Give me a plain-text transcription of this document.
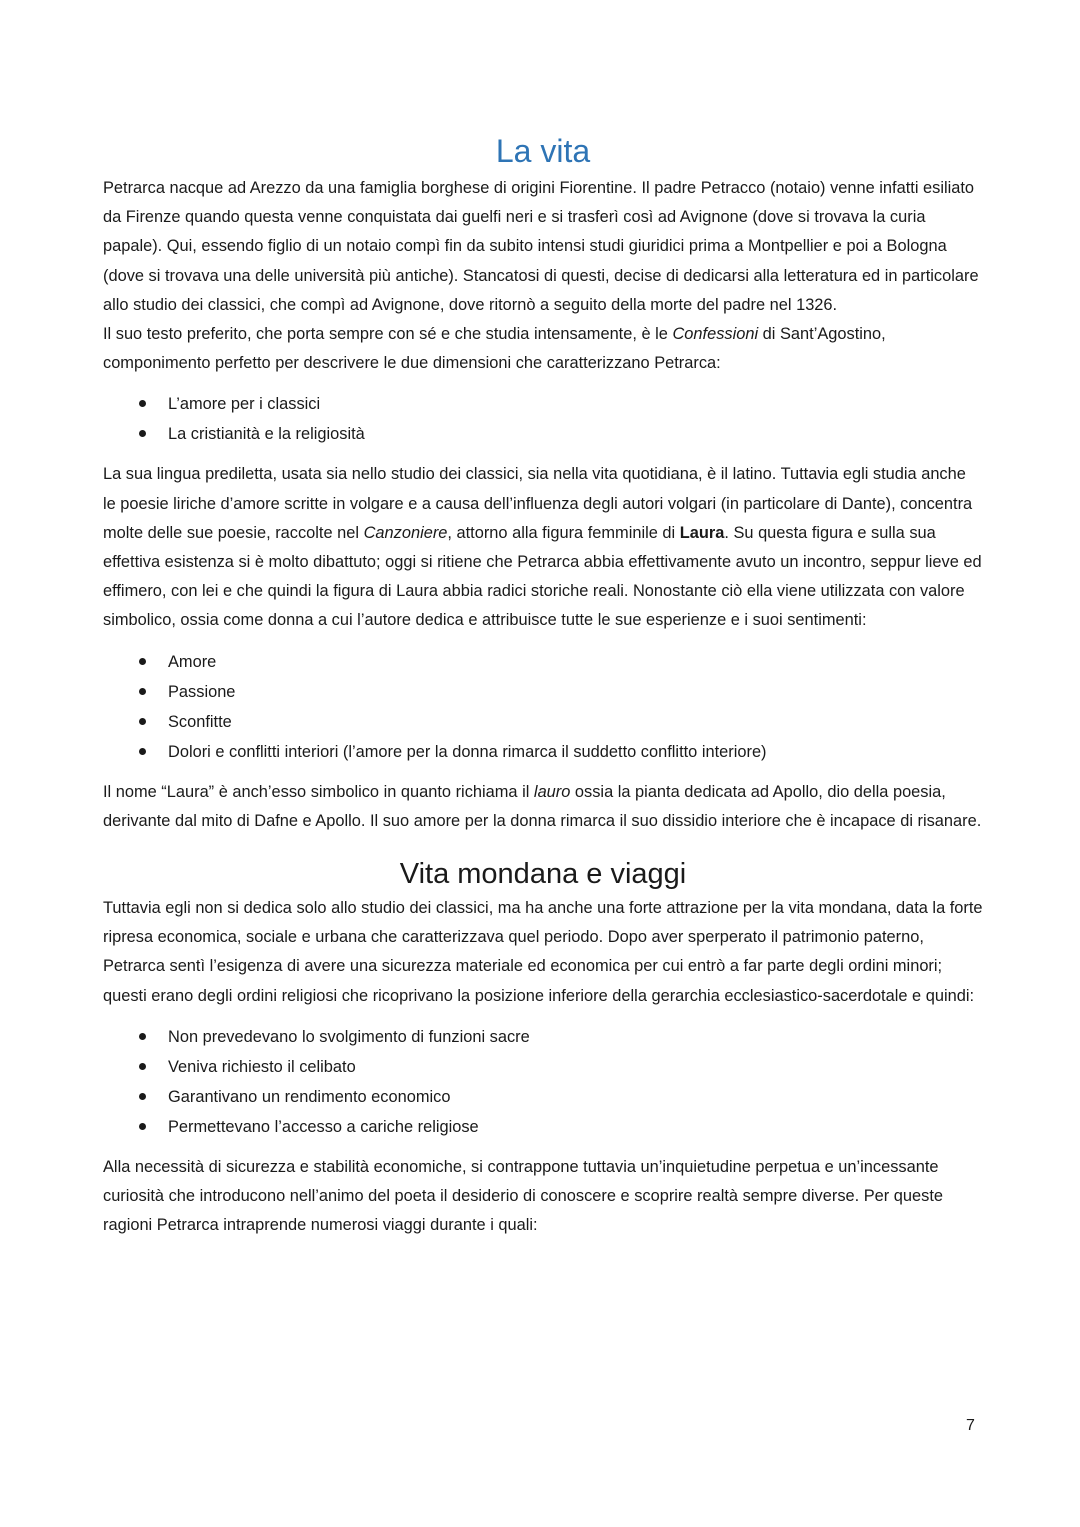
La vita

Petrarca nacque ad Arezzo da una famiglia borghese di origini Fiorentine. Il padre Petracco (notaio) venne infatti esiliato da Firenze quando questa venne conquistata dai guelfi neri e si trasferì così ad Avignone (dove si trovava la curia papale). Qui, essendo figlio di un notaio compì fin da subito intensi studi giuridici prima a Montpellier e poi a Bologna (dove si trovava una delle università più antiche). Stancatosi di questi, decise di dedicarsi alla letteratura ed in particolare allo studio dei classici, che compì ad Avignone, dove ritornò a seguito della morte del padre nel 1326.

Il suo testo preferito, che porta sempre con sé e che studia intensamente, è le Confessioni di Sant’Agostino, componimento perfetto per descrivere le due dimensioni che caratterizzano Petrarca:

L’amore per i classici
La cristianità e la religiosità

La sua lingua prediletta, usata sia nello studio dei classici, sia nella vita quotidiana, è il latino. Tuttavia egli studia anche le poesie liriche d’amore scritte in volgare e a causa dell’influenza degli autori volgari (in particolare di Dante), concentra molte delle sue poesie, raccolte nel Canzoniere, attorno alla figura femminile di Laura. Su questa figura e sulla sua effettiva esistenza si è molto dibattuto; oggi si ritiene che Petrarca abbia effettivamente avuto un incontro, seppur lieve ed effimero, con lei e che quindi la figura di Laura abbia radici storiche reali. Nonostante ciò ella viene utilizzata con valore simbolico, ossia come donna a cui l’autore dedica e attribuisce tutte le sue esperienze e i suoi sentimenti:

Amore
Passione
Sconfitte
Dolori e conflitti interiori (l’amore per la donna rimarca il suddetto conflitto interiore)

Il nome “Laura” è anch’esso simbolico in quanto richiama il lauro ossia la pianta dedicata ad Apollo, dio della poesia, derivante dal mito di Dafne e Apollo. Il suo amore per la donna rimarca il suo dissidio interiore che è incapace di risanare.

Vita mondana e viaggi

Tuttavia egli non si dedica solo allo studio dei classici, ma ha anche una forte attrazione per la vita mondana, data la forte ripresa economica, sociale e urbana che caratterizzava quel periodo. Dopo aver sperperato il patrimonio paterno, Petrarca sentì l’esigenza di avere una sicurezza materiale ed economica per cui entrò a far parte degli ordini minori; questi erano degli ordini religiosi che ricoprivano la posizione inferiore della gerarchia ecclesiastico-sacerdotale e quindi:

Non prevedevano lo svolgimento di funzioni sacre
Veniva richiesto il celibato
Garantivano un rendimento economico
Permettevano l’accesso a cariche religiose

Alla necessità di sicurezza e stabilità economiche, si contrappone tuttavia un’inquietudine perpetua e un’incessante curiosità che introducono nell’animo del poeta il desiderio di conoscere e scoprire realtà sempre diverse. Per queste ragioni Petrarca intraprende numerosi viaggi durante i quali:

7
